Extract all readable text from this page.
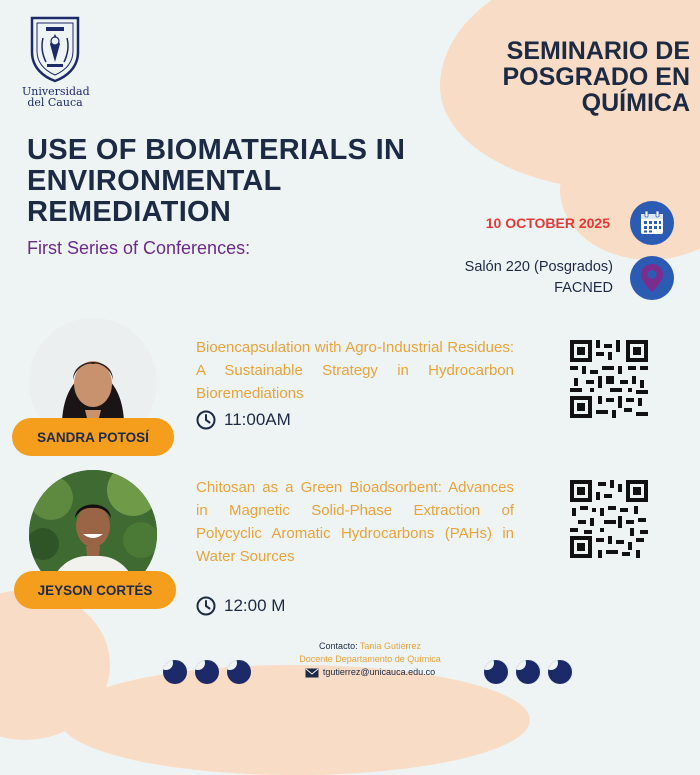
Universidad
del Cauca
SEMINARIO DE
POSGRADO EN
QUÍMICA
USE OF BIOMATERIALS IN
ENVIRONMENTAL
REMEDIATION
First Series of Conferences:
10 OCTOBER 2025
Salón 220 (Posgrados)
FACNED
SANDRA POTOSÍ
Bioencapsulation with Agro-Industrial Residues: A Sustainable Strategy in Hydrocarbon Bioremediations
11:00AM
JEYSON CORTÉS
Chitosan as a Green Bioadsorbent: Advances in Magnetic Solid-Phase Extraction of Polycyclic Aromatic Hydrocarbons (PAHs) in Water Sources
12:00 M
Contacto: Tania Gutiérrez
Docente Departamento de Química
tgutierrez@unicauca.edu.co
